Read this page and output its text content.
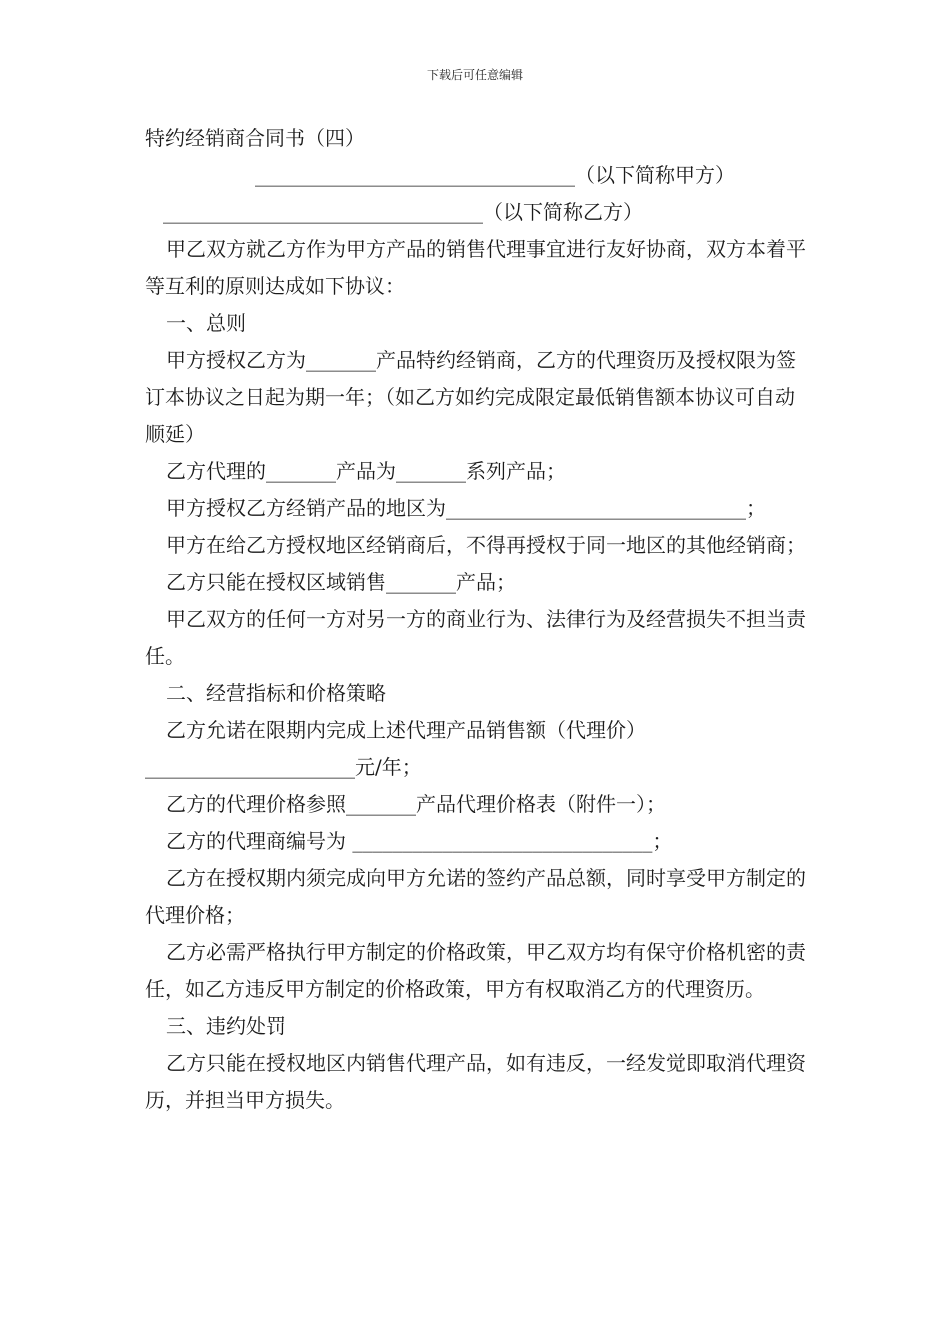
下载后可任意编辑

特约经销商合同书（四）

________________________________（以下简称甲方）

________________________________（以下简称乙方）

甲乙双方就乙方作为甲方产品的销售代理事宜进行友好协商，双方本着平等互利的原则达成如下协议：

一、总则

甲方授权乙方为_______产品特约经销商，乙方的代理资历及授权限为签订本协议之日起为期一年；（如乙方如约完成限定最低销售额本协议可自动顺延）

乙方代理的_______产品为_______系列产品；

甲方授权乙方经销产品的地区为______________________________；

甲方在给乙方授权地区经销商后，不得再授权于同一地区的其他经销商；

乙方只能在授权区域销售_______产品；

甲乙双方的任何一方对另一方的商业行为、法律行为及经营损失不担当责任。

二、经营指标和价格策略

乙方允诺在限期内完成上述代理产品销售额（代理价）_____________________元/年；

乙方的代理价格参照_______产品代理价格表（附件一）；

乙方的代理商编号为 ______________________________；

乙方在授权期内须完成向甲方允诺的签约产品总额，同时享受甲方制定的代理价格；

乙方必需严格执行甲方制定的价格政策，甲乙双方均有保守价格机密的责任，如乙方违反甲方制定的价格政策，甲方有权取消乙方的代理资历。

三、违约处罚

乙方只能在授权地区内销售代理产品，如有违反，一经发觉即取消代理资历，并担当甲方损失。
